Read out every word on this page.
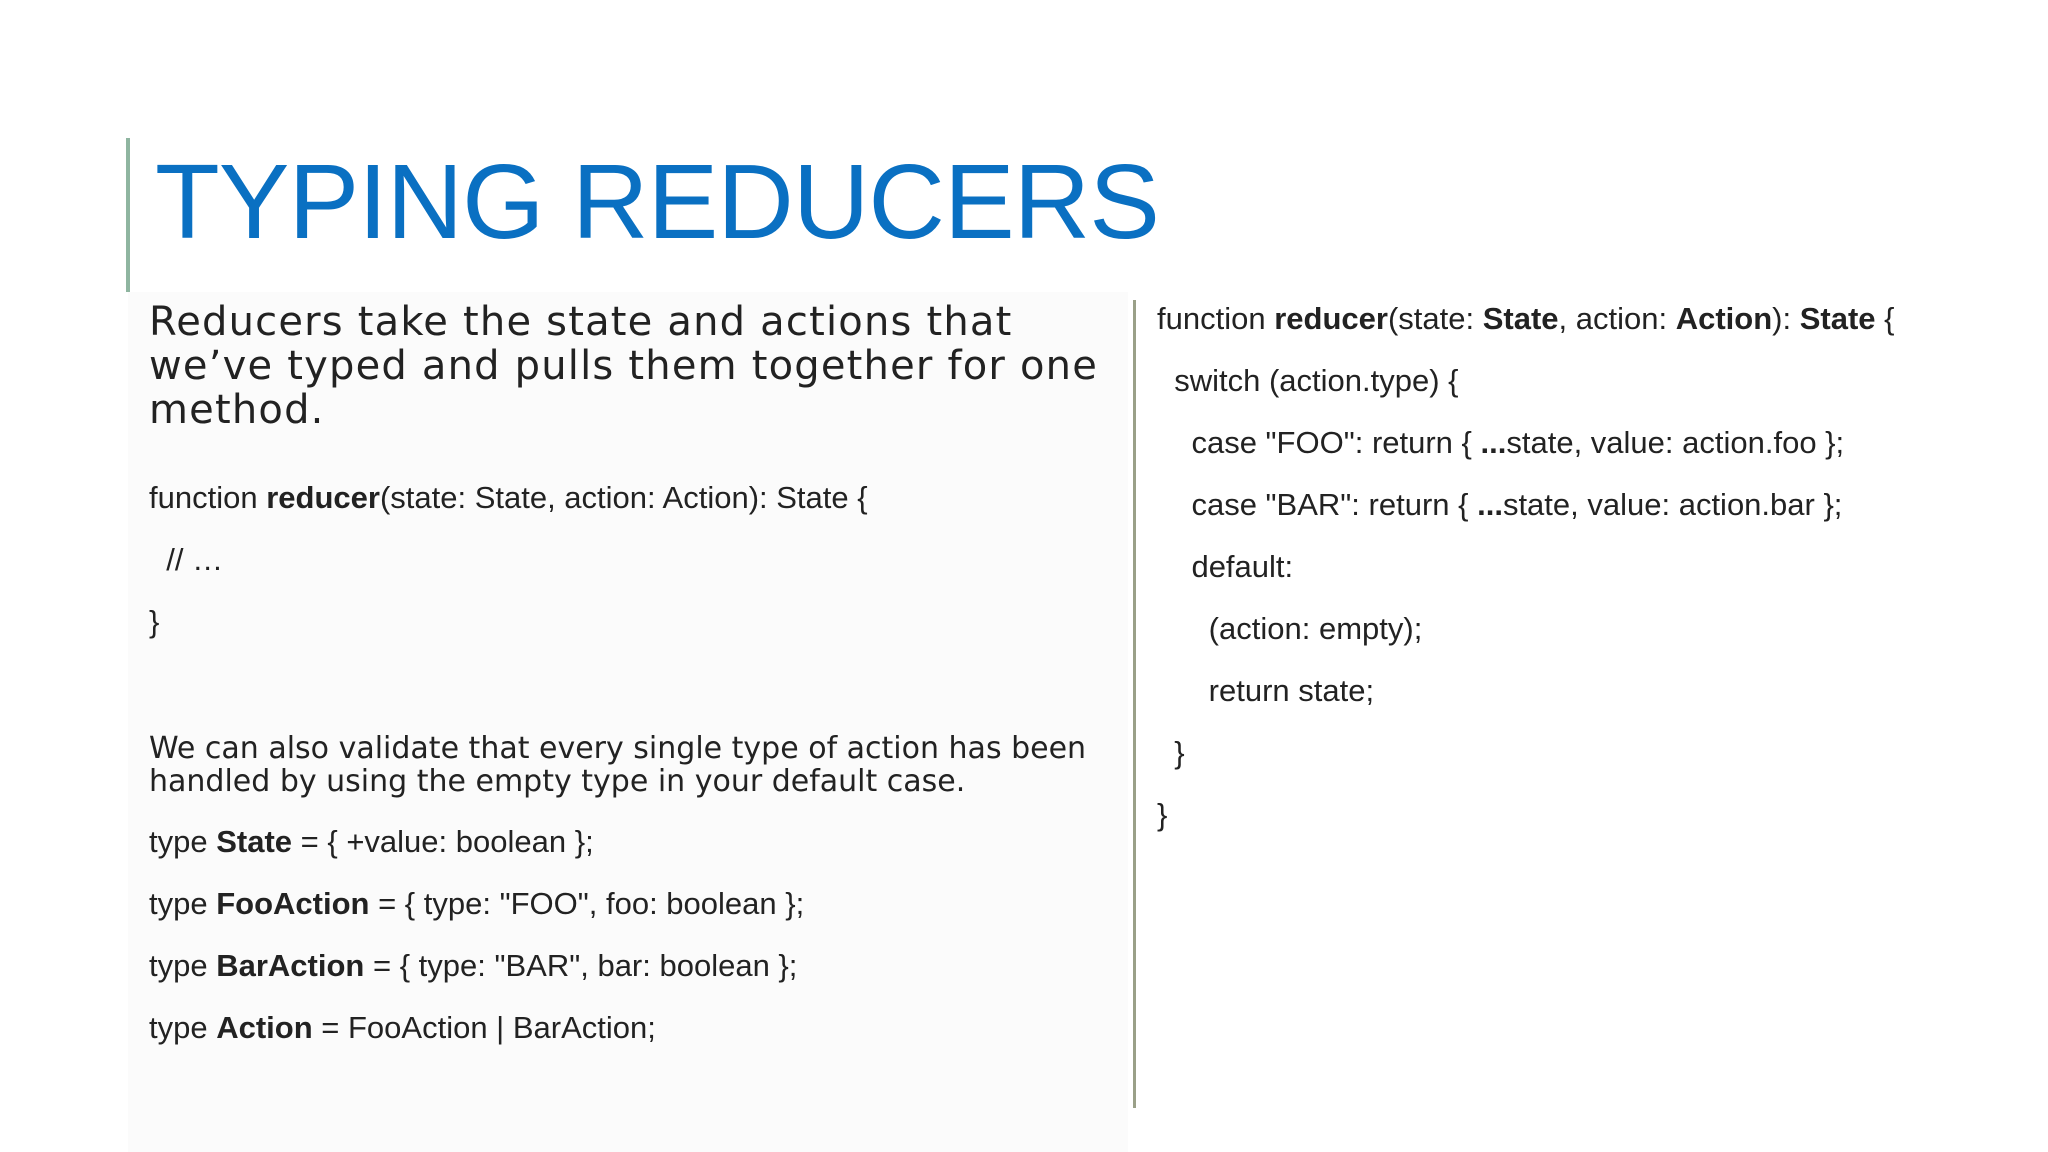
TYPING REDUCERS
Reducers take the state and actions that we’ve typed and pulls them together for one method.
function reducer(state: State, action: Action): State {
// …
}
We can also validate that every single type of action has been handled by using the empty type in your default case.
type State = { +value: boolean };
type FooAction = { type: "FOO", foo: boolean };
type BarAction = { type: "BAR", bar: boolean };
type Action = FooAction | BarAction;
function reducer(state: State, action: Action): State {
switch (action.type) {
case "FOO": return { ...state, value: action.foo };
case "BAR": return { ...state, value: action.bar };
default:
(action: empty);
return state;
}
}
